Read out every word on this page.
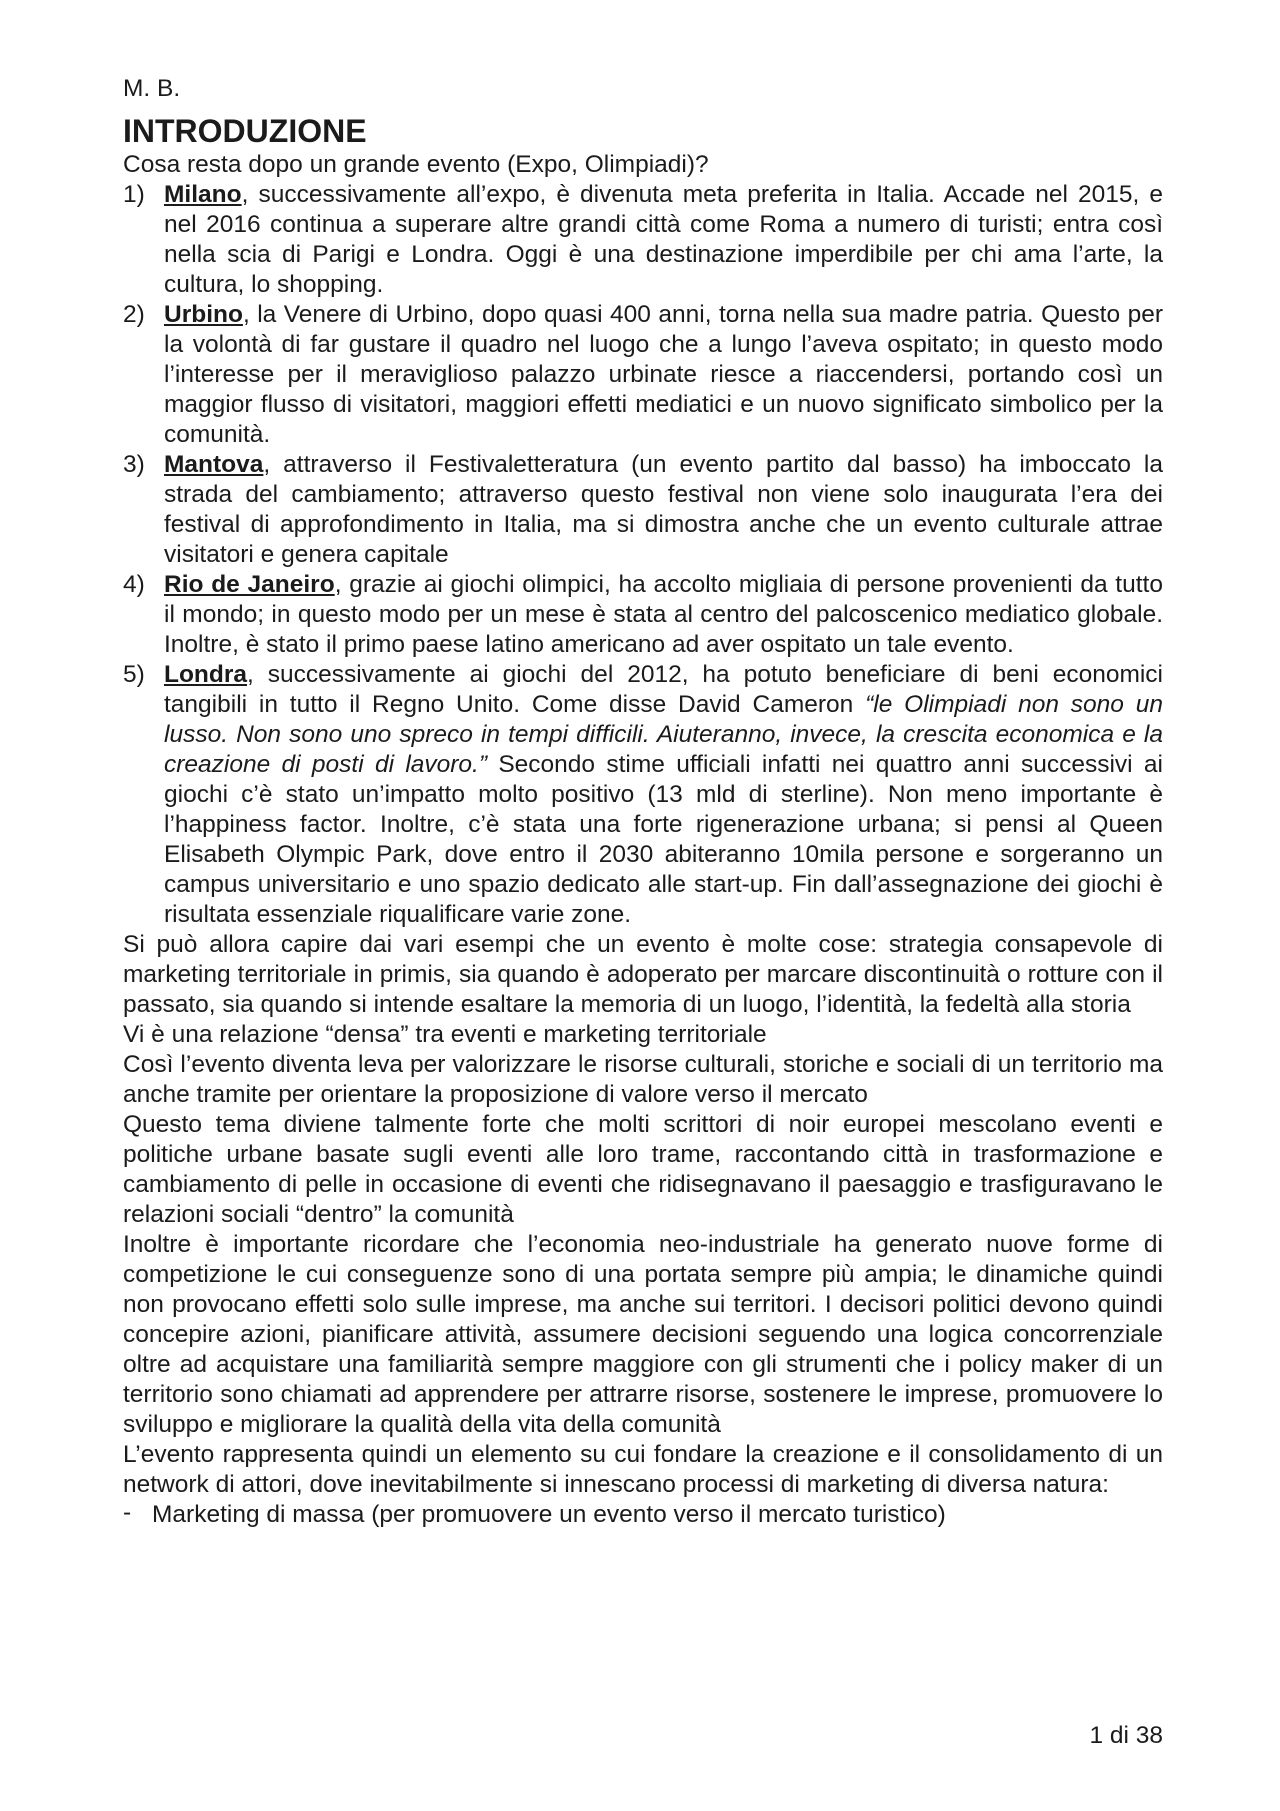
M. B.
INTRODUZIONE

Cosa resta dopo un grande evento (Expo, Olimpiadi)?

1) Milano, successivamente all’expo, è divenuta meta preferita in Italia. Accade nel 2015, e nel 2016 continua a superare altre grandi città come Roma a numero di turisti; entra così nella scia di Parigi e Londra. Oggi è una destinazione imperdibile per chi ama l’arte, la cultura, lo shopping.
2) Urbino, la Venere di Urbino, dopo quasi 400 anni, torna nella sua madre patria. Questo per la volontà di far gustare il quadro nel luogo che a lungo l’aveva ospitato; in questo modo l’interesse per il meraviglioso palazzo urbinate riesce a riaccendersi, portando così un maggior flusso di visitatori, maggiori effetti mediatici e un nuovo significato simbolico per la comunità.
3) Mantova, attraverso il Festivaletteratura (un evento partito dal basso) ha imboccato la strada del cambiamento; attraverso questo festival non viene solo inaugurata l’era dei festival di approfondimento in Italia, ma si dimostra anche che un evento culturale attrae visitatori e genera capitale
4) Rio de Janeiro, grazie ai giochi olimpici, ha accolto migliaia di persone provenienti da tutto il mondo; in questo modo per un mese è stata al centro del palcoscenico mediatico globale. Inoltre, è stato il primo paese latino americano ad aver ospitato un tale evento.
5) Londra, successivamente ai giochi del 2012, ha potuto beneficiare di beni economici tangibili in tutto il Regno Unito. Come disse David Cameron “le Olimpiadi non sono un lusso. Non sono uno spreco in tempi difficili. Aiuteranno, invece, la crescita economica e la creazione di posti di lavoro.” Secondo stime ufficiali infatti nei quattro anni successivi ai giochi c’è stato un’impatto molto positivo (13 mld di sterline). Non meno importante è l’happiness factor. Inoltre, c’è stata una forte rigenerazione urbana; si pensi al Queen Elisabeth Olympic Park, dove entro il 2030 abiteranno 10mila persone e sorgeranno un campus universitario e uno spazio dedicato alle start-up. Fin dall’assegnazione dei giochi è risultata essenziale riqualificare varie zone.

Si può allora capire dai vari esempi che un evento è molte cose: strategia consapevole di marketing territoriale in primis, sia quando è adoperato per marcare discontinuità o rotture con il passato, sia quando si intende esaltare la memoria di un luogo, l’identità, la fedeltà alla storia

Vi è una relazione “densa” tra eventi e marketing territoriale

Così l’evento diventa leva per valorizzare le risorse culturali, storiche e sociali di un territorio ma anche tramite per orientare la proposizione di valore verso il mercato

Questo tema diviene talmente forte che molti scrittori di noir europei mescolano eventi e politiche urbane basate sugli eventi alle loro trame, raccontando città in trasformazione e cambiamento di pelle in occasione di eventi che ridisegnavano il paesaggio e trasfiguravano le relazioni sociali “dentro” la comunità

Inoltre è importante ricordare che l’economia neo-industriale ha generato nuove forme di competizione le cui conseguenze sono di una portata sempre più ampia; le dinamiche quindi non provocano effetti solo sulle imprese, ma anche sui territori. I decisori politici devono quindi concepire azioni, pianificare attività, assumere decisioni seguendo una logica concorrenziale oltre ad acquistare una familiarità sempre maggiore con gli strumenti che i policy maker di un territorio sono chiamati ad apprendere per attrarre risorse, sostenere le imprese, promuovere lo sviluppo e migliorare la qualità della vita della comunità

L’evento rappresenta quindi un elemento su cui fondare la creazione e il consolidamento di un network di attori, dove inevitabilmente si innescano processi di marketing di diversa natura:

- Marketing di massa (per promuovere un evento verso il mercato turistico)
1 di 38
